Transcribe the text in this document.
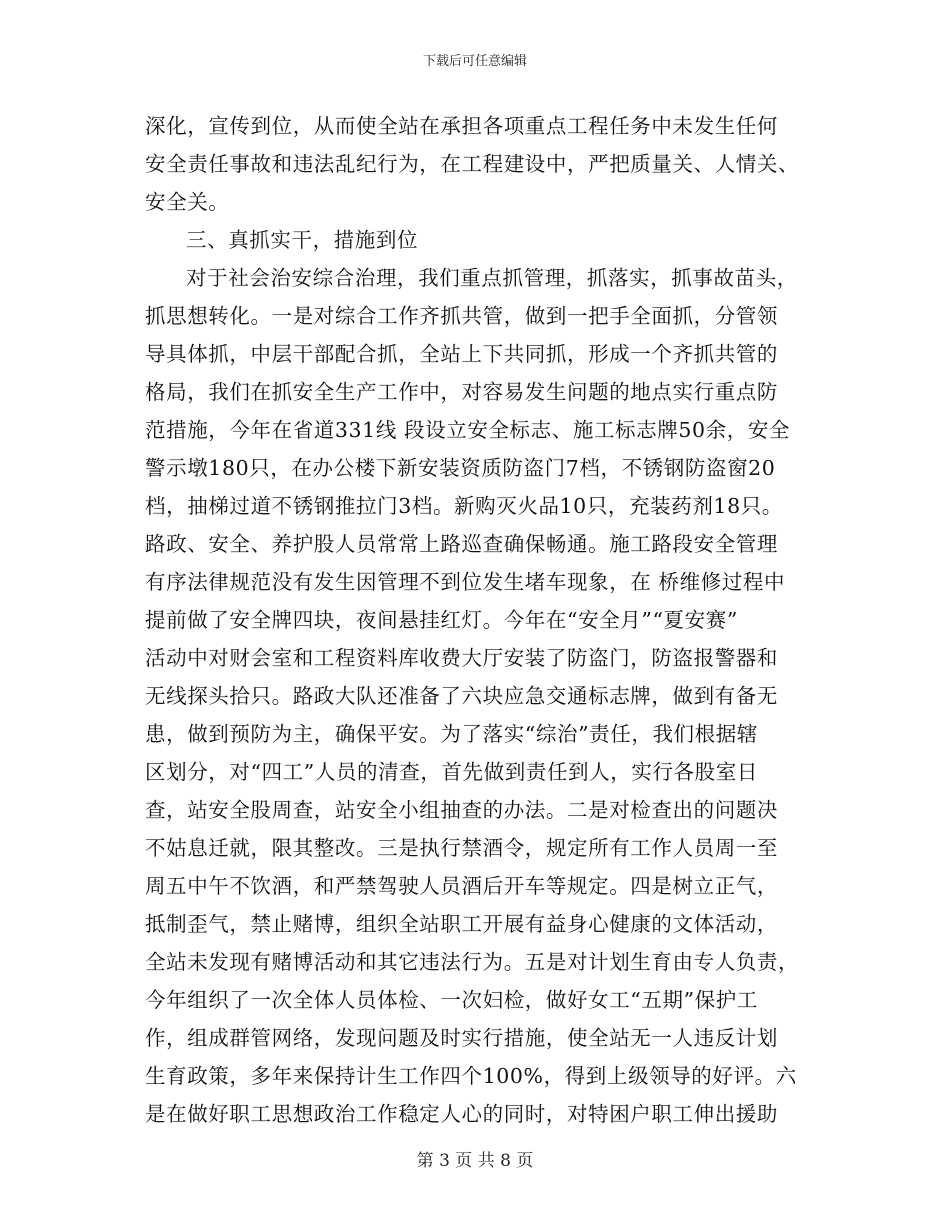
下载后可任意编辑
深化，宣传到位，从而使全站在承担各项重点工程任务中未发生任何
安全责任事故和违法乱纪行为，在工程建设中，严把质量关、人情关、
安全关。
三、真抓实干，措施到位
对于社会治安综合治理，我们重点抓管理，抓落实，抓事故苗头，
抓思想转化。一是对综合工作齐抓共管，做到一把手全面抓，分管领
导具体抓，中层干部配合抓，全站上下共同抓，形成一个齐抓共管的
格局，我们在抓安全生产工作中，对容易发生问题的地点实行重点防
范措施，今年在省道331线 段设立安全标志、施工标志牌50余，安全
警示墩180只，在办公楼下新安装资质防盗门7档，不锈钢防盗窗20
档，抽梯过道不锈钢推拉门3档。新购灭火品10只，充装药剂18只。
路政、安全、养护股人员常常上路巡查确保畅通。施工路段安全管理
有序法律规范没有发生因管理不到位发生堵车现象，在 桥维修过程中
提前做了安全牌四块，夜间悬挂红灯。今年在“安全月”“夏安赛”
活动中对财会室和工程资料库收费大厅安装了防盗门，防盗报警器和
无线探头拾只。路政大队还准备了六块应急交通标志牌，做到有备无
患，做到预防为主，确保平安。为了落实“综治”责任，我们根据辖
区划分，对“四工”人员的清查，首先做到责任到人，实行各股室日
查，站安全股周查，站安全小组抽查的办法。二是对检查出的问题决
不姑息迁就，限其整改。三是执行禁酒令，规定所有工作人员周一至
周五中午不饮酒，和严禁驾驶人员酒后开车等规定。四是树立正气，
抵制歪气，禁止赌博，组织全站职工开展有益身心健康的文体活动，
全站未发现有赌博活动和其它违法行为。五是对计划生育由专人负责，
今年组织了一次全体人员体检、一次妇检，做好女工“五期”保护工
作，组成群管网络，发现问题及时实行措施，使全站无一人违反计划
生育政策，多年来保持计生工作四个100%，得到上级领导的好评。六
是在做好职工思想政治工作稳定人心的同时，对特困户职工伸出援助
第 3 页 共 8 页
